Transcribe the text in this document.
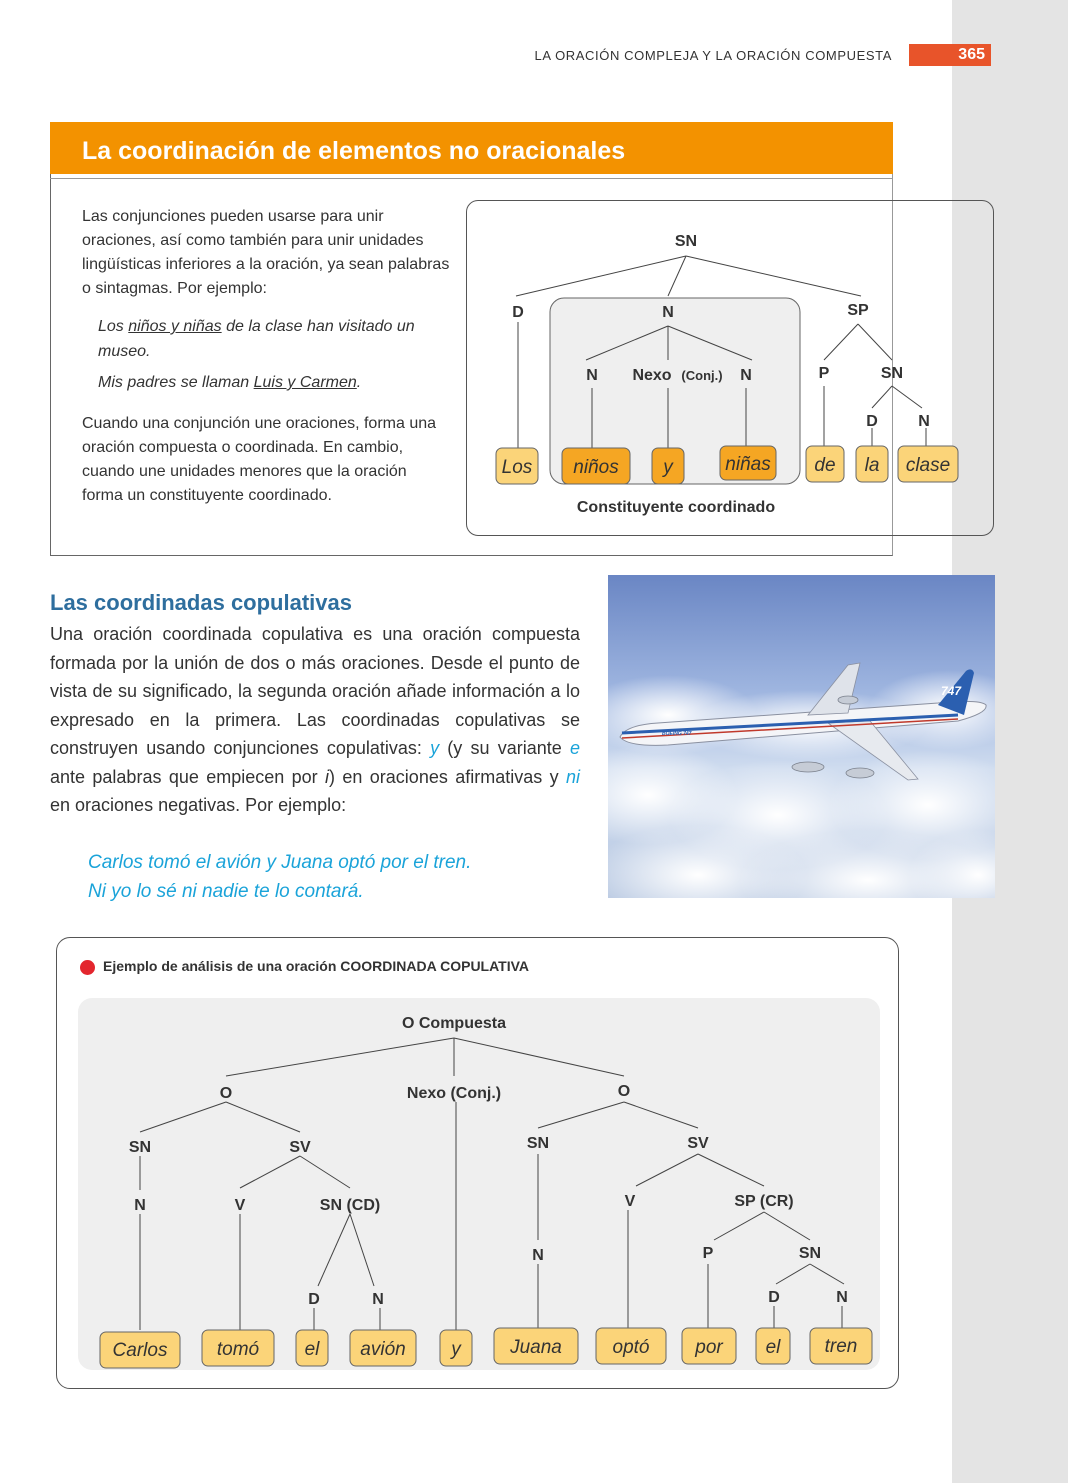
LA ORACIÓN COMPLEJA Y LA ORACIÓN COMPUESTA	365
La coordinación de elementos no oracionales

Las conjunciones pueden usarse para unir oraciones, así como también para unir unidades lingüísticas inferiores a la oración, ya sean palabras o sintagmas. Por ejemplo:

Los niños y niñas de la clase han visitado un museo.
Mis padres se llaman Luis y Carmen.
Cuando una conjunción une oraciones, forma una oración compuesta o coordinada. En cambio, cuando une unidades menores que la oración forma un constituyente coordinado.
SN
D	N	SP
N Nexo (Conj.) N	P	SN
D	N
Los niños y	niñas de la clase
Constituyente coordinado
Las coordinadas copulativas
Una oración coordinada copulativa es una oración compuesta formada por la unión de dos o más oraciones. Desde el punto de vista de su significado, la segunda oración añade información a lo expresado en la primera. Las coordinadas copulativas se construyen usando conjunciones copulativas: y (y su variante e ante palabras que empiecen por i) en oraciones afirmativas y ni en oraciones negativas. Por ejemplo:
Carlos tomó el avión y Juana optó por el tren.
Ni yo lo sé ni nadie te lo contará.
747
BOEING 747
Ejemplo de análisis de una oración COORDINADA COPULATIVA
O Compuesta
O	Nexo (Conj.)	O
SN	SV
N	V	SN (CD)
D	N
SN	SV
V	SP (CR)
N	P	SN
D	N
Carlos	tomó el avión y	Juana	optó por el tren
